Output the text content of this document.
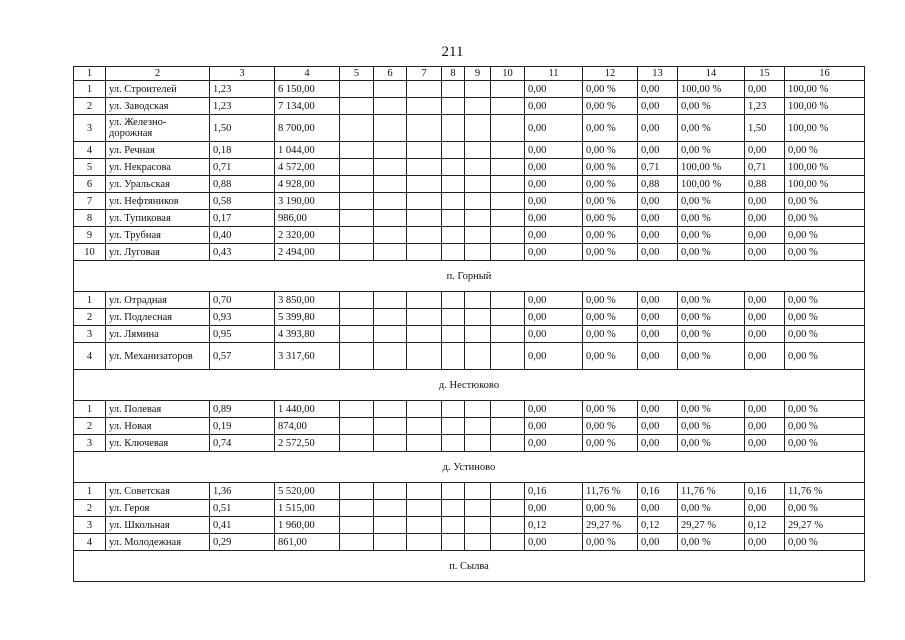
211
1	2	3	4	5	6	7	8	9	10	11	12	13	14	15	16
1	ул. Строителей	1,23	6 150,00							0,00	0,00 %	0,00	100,00 %	0,00	100,00 %
2	ул. Заводская	1,23	7 134,00							0,00	0,00 %	0,00	0,00 %	1,23	100,00 %
3	ул. Железно-дорожная	1,50	8 700,00							0,00	0,00 %	0,00	0,00 %	1,50	100,00 %
4	ул. Речная	0,18	1 044,00							0,00	0,00 %	0,00	0,00 %	0,00	0,00 %
5	ул. Некрасова	0,71	4 572,00							0,00	0,00 %	0,71	100,00 %	0,71	100,00 %
6	ул. Уральская	0,88	4 928,00							0,00	0,00 %	0,88	100,00 %	0,88	100,00 %
7	ул. Нефтяников	0,58	3 190,00							0,00	0,00 %	0,00	0,00 %	0,00	0,00 %
8	ул. Тупиковая	0,17	986,00							0,00	0,00 %	0,00	0,00 %	0,00	0,00 %
9	ул. Трубная	0,40	2 320,00							0,00	0,00 %	0,00	0,00 %	0,00	0,00 %
10	ул. Луговая	0,43	2 494,00							0,00	0,00 %	0,00	0,00 %	0,00	0,00 %
п. Горный															
1	ул. Отрадная	0,70	3 850,00							0,00	0,00 %	0,00	0,00 %	0,00	0,00 %
2	ул. Подлесная	0,93	5 399,80							0,00	0,00 %	0,00	0,00 %	0,00	0,00 %
3	ул. Лямина	0,95	4 393,80							0,00	0,00 %	0,00	0,00 %	0,00	0,00 %
4	ул. Механизаторов	0,57	3 317,60							0,00	0,00 %	0,00	0,00 %	0,00	0,00 %
д. Нестюково															
1	ул. Полевая	0,89	1 440,00							0,00	0,00 %	0,00	0,00 %	0,00	0,00 %
2	ул. Новая	0,19	874,00							0,00	0,00 %	0,00	0,00 %	0,00	0,00 %
3	ул. Ключевая	0,74	2 572,50							0,00	0,00 %	0,00	0,00 %	0,00	0,00 %
д. Устиново															
1	ул. Советская	1,36	5 520,00							0,16	11,76 %	0,16	11,76 %	0,16	11,76 %
2	ул. Героя	0,51	1 515,00							0,00	0,00 %	0,00	0,00 %	0,00	0,00 %
3	ул. Школьная	0,41	1 960,00							0,12	29,27 %	0,12	29,27 %	0,12	29,27 %
4	ул. Молодежная	0,29	861,00							0,00	0,00 %	0,00	0,00 %	0,00	0,00 %
п. Сылва															
